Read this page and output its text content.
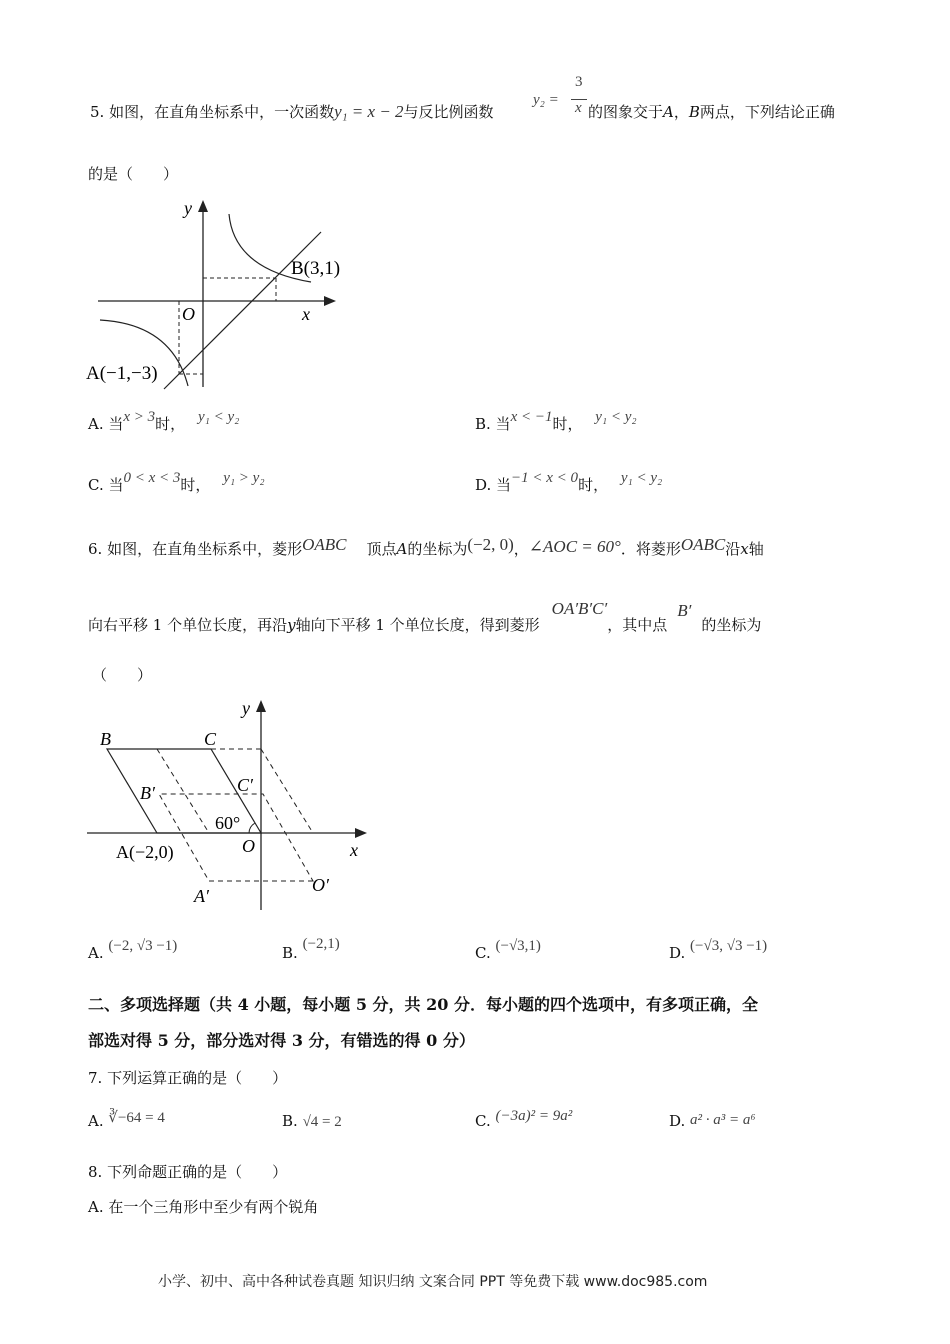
5. 如图，在直角坐标系中，一次函数y₁ = x − 2与反比例函数
y₂ =
3
x 的图象交于A，B两点，下列结论正确
的是（　　）
y
x
O
B(3,1)
A(−1,−3)
A. 当x > 3时， y₁ < y₂	B. 当x < −1时， y₁ < y₂
C. 当0 < x < 3时， y₁ > y₂	D. 当−1 < x < 0时， y₁ < y₂
6. 如图，在直角坐标系中，菱形OABC 顶点A的坐标为(−2, 0)，∠AOC = 60°．将菱形OABC沿x轴
向右平移 1 个单位长度，再沿y轴向下平移 1 个单位长度，得到菱形OA′B′C′，其中点B′的坐标为
（　　）
y
x
B	C
C′
B′
60°
O
A(−2,0)
A′
O′
A. (−2, √3 −1)	B. (−2,1)	C. (−√3,1)	D. (−√3, √3 −1)
二、多项选择题（共 4 小题，每小题 5 分，共 20 分．每小题的四个选项中，有多项正确，全
部选对得 5 分，部分选对得 3 分，有错选的得 0 分）
7. 下列运算正确的是（　　）
A. ∛−64 = 4	B. √4 = 2	C. (−3a)² = 9a²	D. a² · a³ = a⁶
8. 下列命题正确的是（　　）
A. 在一个三角形中至少有两个锐角
小学、初中、高中各种试卷真题 知识归纳 文案合同 PPT 等免费下载 www.doc985.com
